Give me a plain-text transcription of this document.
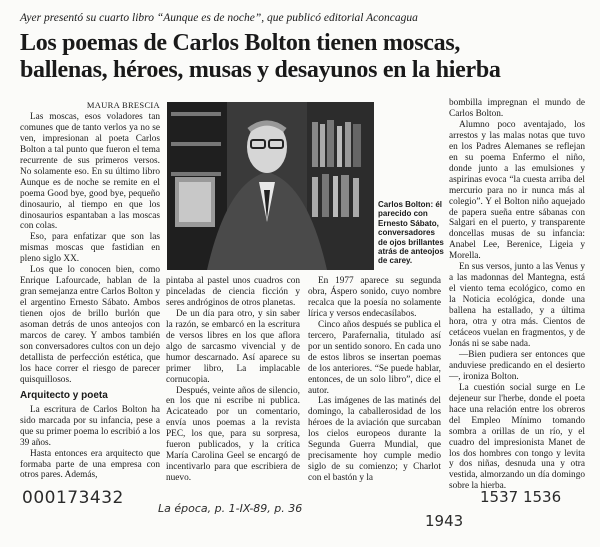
Ayer presentó su cuarto libro “Aunque es de noche”, que publicó editorial Aconcagua
Los poemas de Carlos Bolton tienen moscas,
ballenas, héroes, musas y desayunos en la hierba
MAURA BRESCIA

Las moscas, esos voladores tan comunes que de tanto verlos ya no se ven, impresionan al poeta Carlos Bolton a tal punto que fueron el tema recurrente de sus primeros versos. No solamente eso. En su último libro Aunque es de noche se remite en el poema Good bye, good bye, pequeño dinosaurio, al tiempo en que los dinosaurios espantaban a las moscas con colas.

Eso, para enfatizar que son las mismas moscas que fastidian en pleno siglo XX.

Los que lo conocen bien, como Enrique Lafourcade, hablan de la gran semejanza entre Carlos Bolton y el argentino Ernesto Sábato. Ambos tienen ojos de brillo burlón que asoman detrás de unos anteojos con marcos de carey. Y ambos también son conversadores cultos con un dejo detallista de perfección estética, que los hace correr el riesgo de parecer quisquillosos.

Arquitecto y poeta

La escritura de Carlos Bolton ha sido marcada por su infancia, pese a que su primer poema lo escribió a los 39 años.

Hasta entonces era arquitecto que formaba parte de una empresa con otros pares. Además,

Carlos Bolton: él parecido con Ernesto Sábato, conversadores de ojos brillantes atrás de anteojos de carey.

pintaba al pastel unos cuadros con pinceladas de ciencia ficción y seres andróginos de otros planetas.

De un día para otro, y sin saber la razón, se embarcó en la escritura de versos libres en los que aflora algo de sarcasmo vivencial y de humor descarnado. Así aparece su primer libro, La implacable cornucopia.

Después, veinte años de silencio, en los que ni escribe ni publica. Acicateado por un comentario, envía unos poemas a la revista PEC, los que, para su sorpresa, fueron publicados, y la crítica María Carolina Geel se encargó de incentivarlo para que escribiera de nuevo.

En 1977 aparece su segunda obra, Áspero sonido, cuyo nombre recalca que la poesía no solamente lírica y versos endecasílabos.

Cinco años después se publica el tercero, Parafernalia, titulado así por un sentido sonoro. En cada uno de estos libros se insertan poemas de los anteriores. “Se puede hablar, entonces, de un solo libro”, dice el autor.

Las imágenes de las matinés del domingo, la caballerosidad de los héroes de la aviación que surcaban los cielos europeos durante la Segunda Guerra Mundial, que precisamente hoy cumple medio siglo de su comienzo; y Charlot con el bastón y la

bombilla impregnan el mundo de Carlos Bolton.

Alumno poco aventajado, los arrestos y las malas notas que tuvo en los Padres Alemanes se reflejan en su poema Enfermo el niño, donde junto a las emulsiones y aspirinas evoca “la cuesta arriba del mercurio para no ir nunca más al colegio”. Y el Bolton niño aquejado de papera sueña entre sábanas con Salgari en el puerto, y transparente doncellas musas de su infancia: Anabel Lee, Berenice, Ligeia y Morella.

En sus versos, junto a las Venus y a las madonnas del Mantegna, está el viento tema ecológico, como en la Noticia ecológica, donde una ballena ha estallado, y a última hora, otra y otra más. Cientos de cetáceos vuelan en fragmentos, y de Jonás ni se sabe nada.

—Bien pudiera ser entonces que anduviese predicando en el desierto—, ironiza Bolton.

La cuestión social surge en Le dejeneur sur l'herbe, donde el poeta hace una relación entre los obreros del Empleo Mínimo tomando sombra a orillas de un río, y el cuadro del impresionista Manet de los dos hombres con tongo y levita y dos niñas, desnuda una y otra vestida, almorzando un día domingo sobre la hierba.

000173432
La época, p. 1-IX-89, p. 36
1537 1536
1943
